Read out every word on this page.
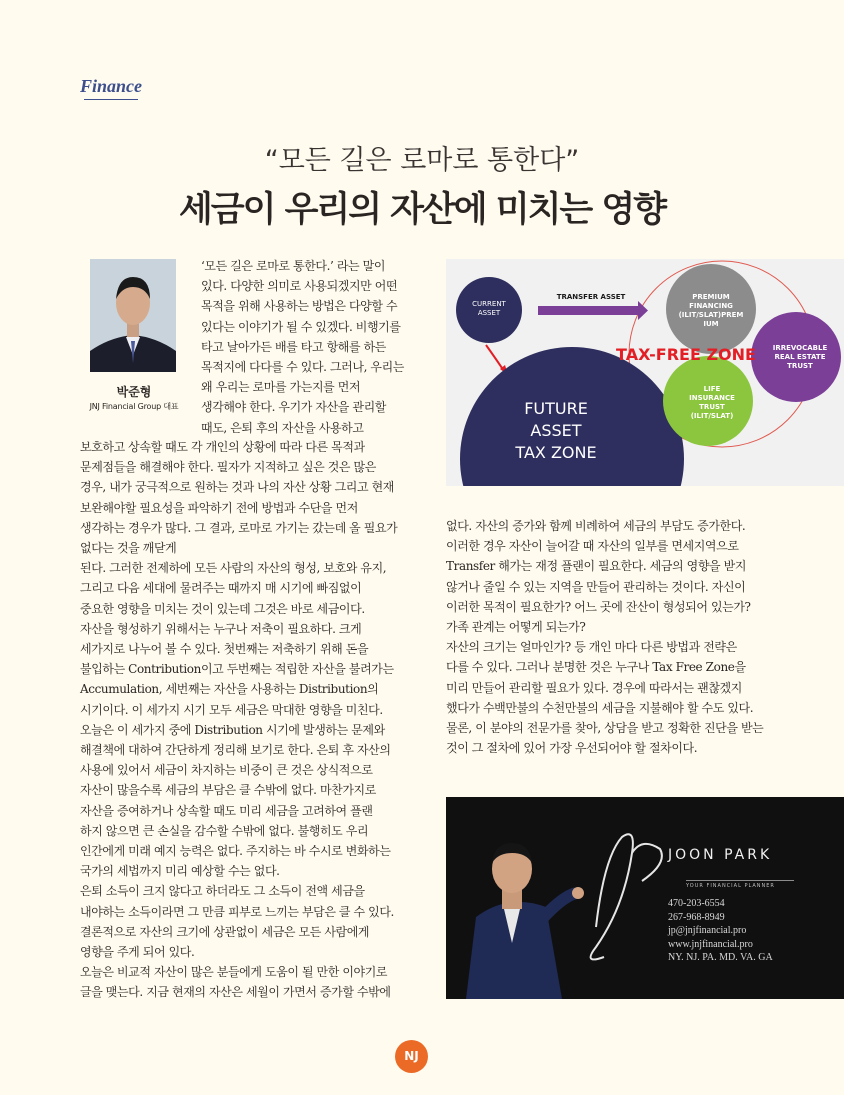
Finance
“모든 길은 로마로 통한다”
세금이 우리의 자산에 미치는 영향
박준형
JNJ Financial Group 대표
‘모든 길은 로마로 통한다.’ 라는 말이
있다. 다양한 의미로 사용되겠지만 어떤
목적을 위해 사용하는 방법은 다양할 수
있다는 이야기가 될 수 있겠다. 비행기를
타고 날아가든 배를 타고 항해를 하든
목적지에 다다를 수 있다. 그러나, 우리는
왜 우리는 로마를 가는지를 먼저
생각해야 한다. 우기가 자산을 관리할
때도, 은퇴 후의 자산을 사용하고
보호하고 상속할 때도 각 개인의 상황에 따라 다른 목적과
문제점들을 해결해야 한다. 필자가 지적하고 싶은 것은 많은
경우, 내가 궁극적으로 원하는 것과 나의 자산 상황 그리고 현재
보완해야할 필요성을 파악하기 전에 방법과 수단을 먼저
생각하는 경우가 많다. 그 결과, 로마로 가기는 갔는데 올 필요가
없다는 것을 깨닫게
된다. 그러한 전제하에 모든 사람의 자산의 형성, 보호와 유지,
그리고 다음 세대에 물려주는 때까지 매 시기에 빠짐없이
중요한 영향을 미치는 것이 있는데 그것은 바로 세금이다.
자산을 형성하기 위해서는 누구나 저축이 필요하다. 크게
세가지로 나누어 볼 수 있다. 첫번째는 저축하기 위해 돈을
불입하는 Contribution이고 두번째는 적립한 자산을 불려가는
Accumulation, 세번째는 자산을 사용하는 Distribution의
시기이다. 이 세가지 시기 모두 세금은 막대한 영향을 미친다.
오늘은 이 세가지 중에 Distribution 시기에 발생하는 문제와
해결책에 대하여 간단하게 정리해 보기로 한다. 은퇴 후 자산의
사용에 있어서 세금이 차지하는 비중이 큰 것은 상식적으로
자산이 많을수록 세금의 부담은 클 수밖에 없다. 마찬가지로
자산을 증여하거나 상속할 때도 미리 세금을 고려하여 플랜
하지 않으면 큰 손실을 감수할 수밖에 없다. 불행히도 우리
인간에게 미래 예지 능력은 없다. 주지하는 바 수시로 변화하는
국가의 세법까지 미리 예상할 수는 없다.
은퇴 소득이 크지 않다고 하더라도 그 소득이 전액 세금을
내야하는 소득이라면 그 만큼 피부로 느끼는 부담은 클 수 있다.
결론적으로 자산의 크기에 상관없이 세금은 모든 사람에게
영향을 주게 되어 있다.
오늘은 비교적 자산이 많은 분들에게 도움이 될 만한 이야기로
글을 맺는다. 지금 현재의 자산은 세월이 가면서 증가할 수밖에
CURRENT
ASSET
TRANSFER ASSET
FUTURE
ASSET
TAX ZONE
PREMIUM
FINANCING
(ILIT/SLAT)PREM
IUM
IRREVOCABLE
REAL ESTATE
TRUST
LIFE
INSURANCE
TRUST
(ILIT/SLAT)
TAX-FREE ZONE
없다. 자산의 증가와 함께 비례하여 세금의 부담도 증가한다.
이러한 경우 자산이 늘어갈 때 자산의 일부를 면세지역으로
Transfer 해가는 재정 플랜이 필요한다. 세금의 영향을 받지
않거나 줄일 수 있는 지역을 만들어 관리하는 것이다. 자신이
이러한 목적이 필요한가? 어느 곳에 잔산이 형성되어 있는가?
가족 관계는 어떻게 되는가?
자산의 크기는 얼마인가? 등 개인 마다 다른 방법과 전략은
다를 수 있다. 그러나 분명한 것은 누구나 Tax Free Zone을
미리 만들어 관리할 필요가 있다. 경우에 따라서는 괜찮겠지
했다가 수백만불의 수천만불의 세금을 지불해야 할 수도 있다.
물론, 이 분야의 전문가를 찾아, 상담을 받고 정확한 진단을 받는
것이 그 절차에 있어 가장 우선되어야 할 절차이다.
JOON PARK
YOUR FINANCIAL PLANNER
470-203-6554
267-968-8949
jp@jnjfinancial.pro
www.jnjfinancial.pro
NY. NJ. PA. MD. VA. GA
NJ
